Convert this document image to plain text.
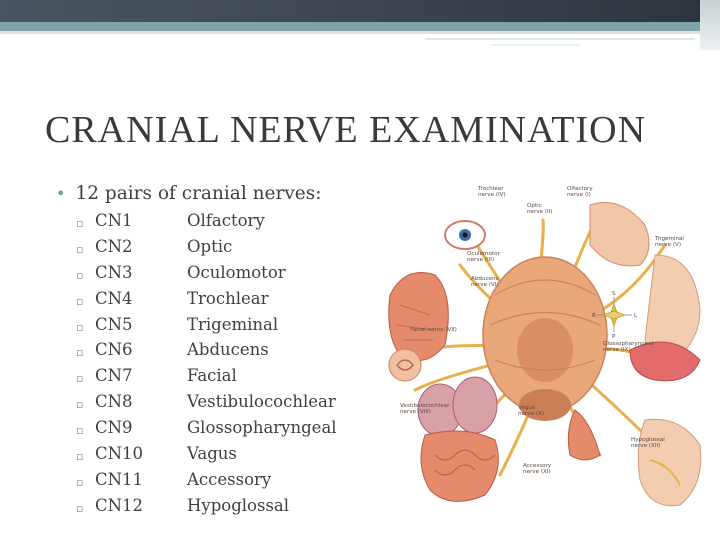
CRANIAL NERVE EXAMINATION
• 12 pairs of cranial nerves:
▫ CN1	Olfactory
▫ CN2	Optic
▫ CN3	Oculomotor
▫ CN4	Trochlear
▫ CN5	Trigeminal
▫ CN6	Abducens
▫ CN7	Facial
▫ CN8	Vestibulocochlear
▫ CN9	Glossopharyngeal
▫ CN10	Vagus
▫ CN11	Accessory
▫ CN12	Hypoglossal
S
R	L
P
Trochlear
nerve (IV)
Optic
nerve (II)
Olfactory
nerve (I)
Oculomotor
nerve (III)
Abducens
nerve (VI)
Trigeminal
nerve (V)
Facial nerve (VII)
Glossopharyngeal
nerve (IX)
Vestibulocochlear
nerve (VIII)
Vagus
nerve (X)
Accessory
nerve (XI)
Hypoglossal
nerve (XII)
